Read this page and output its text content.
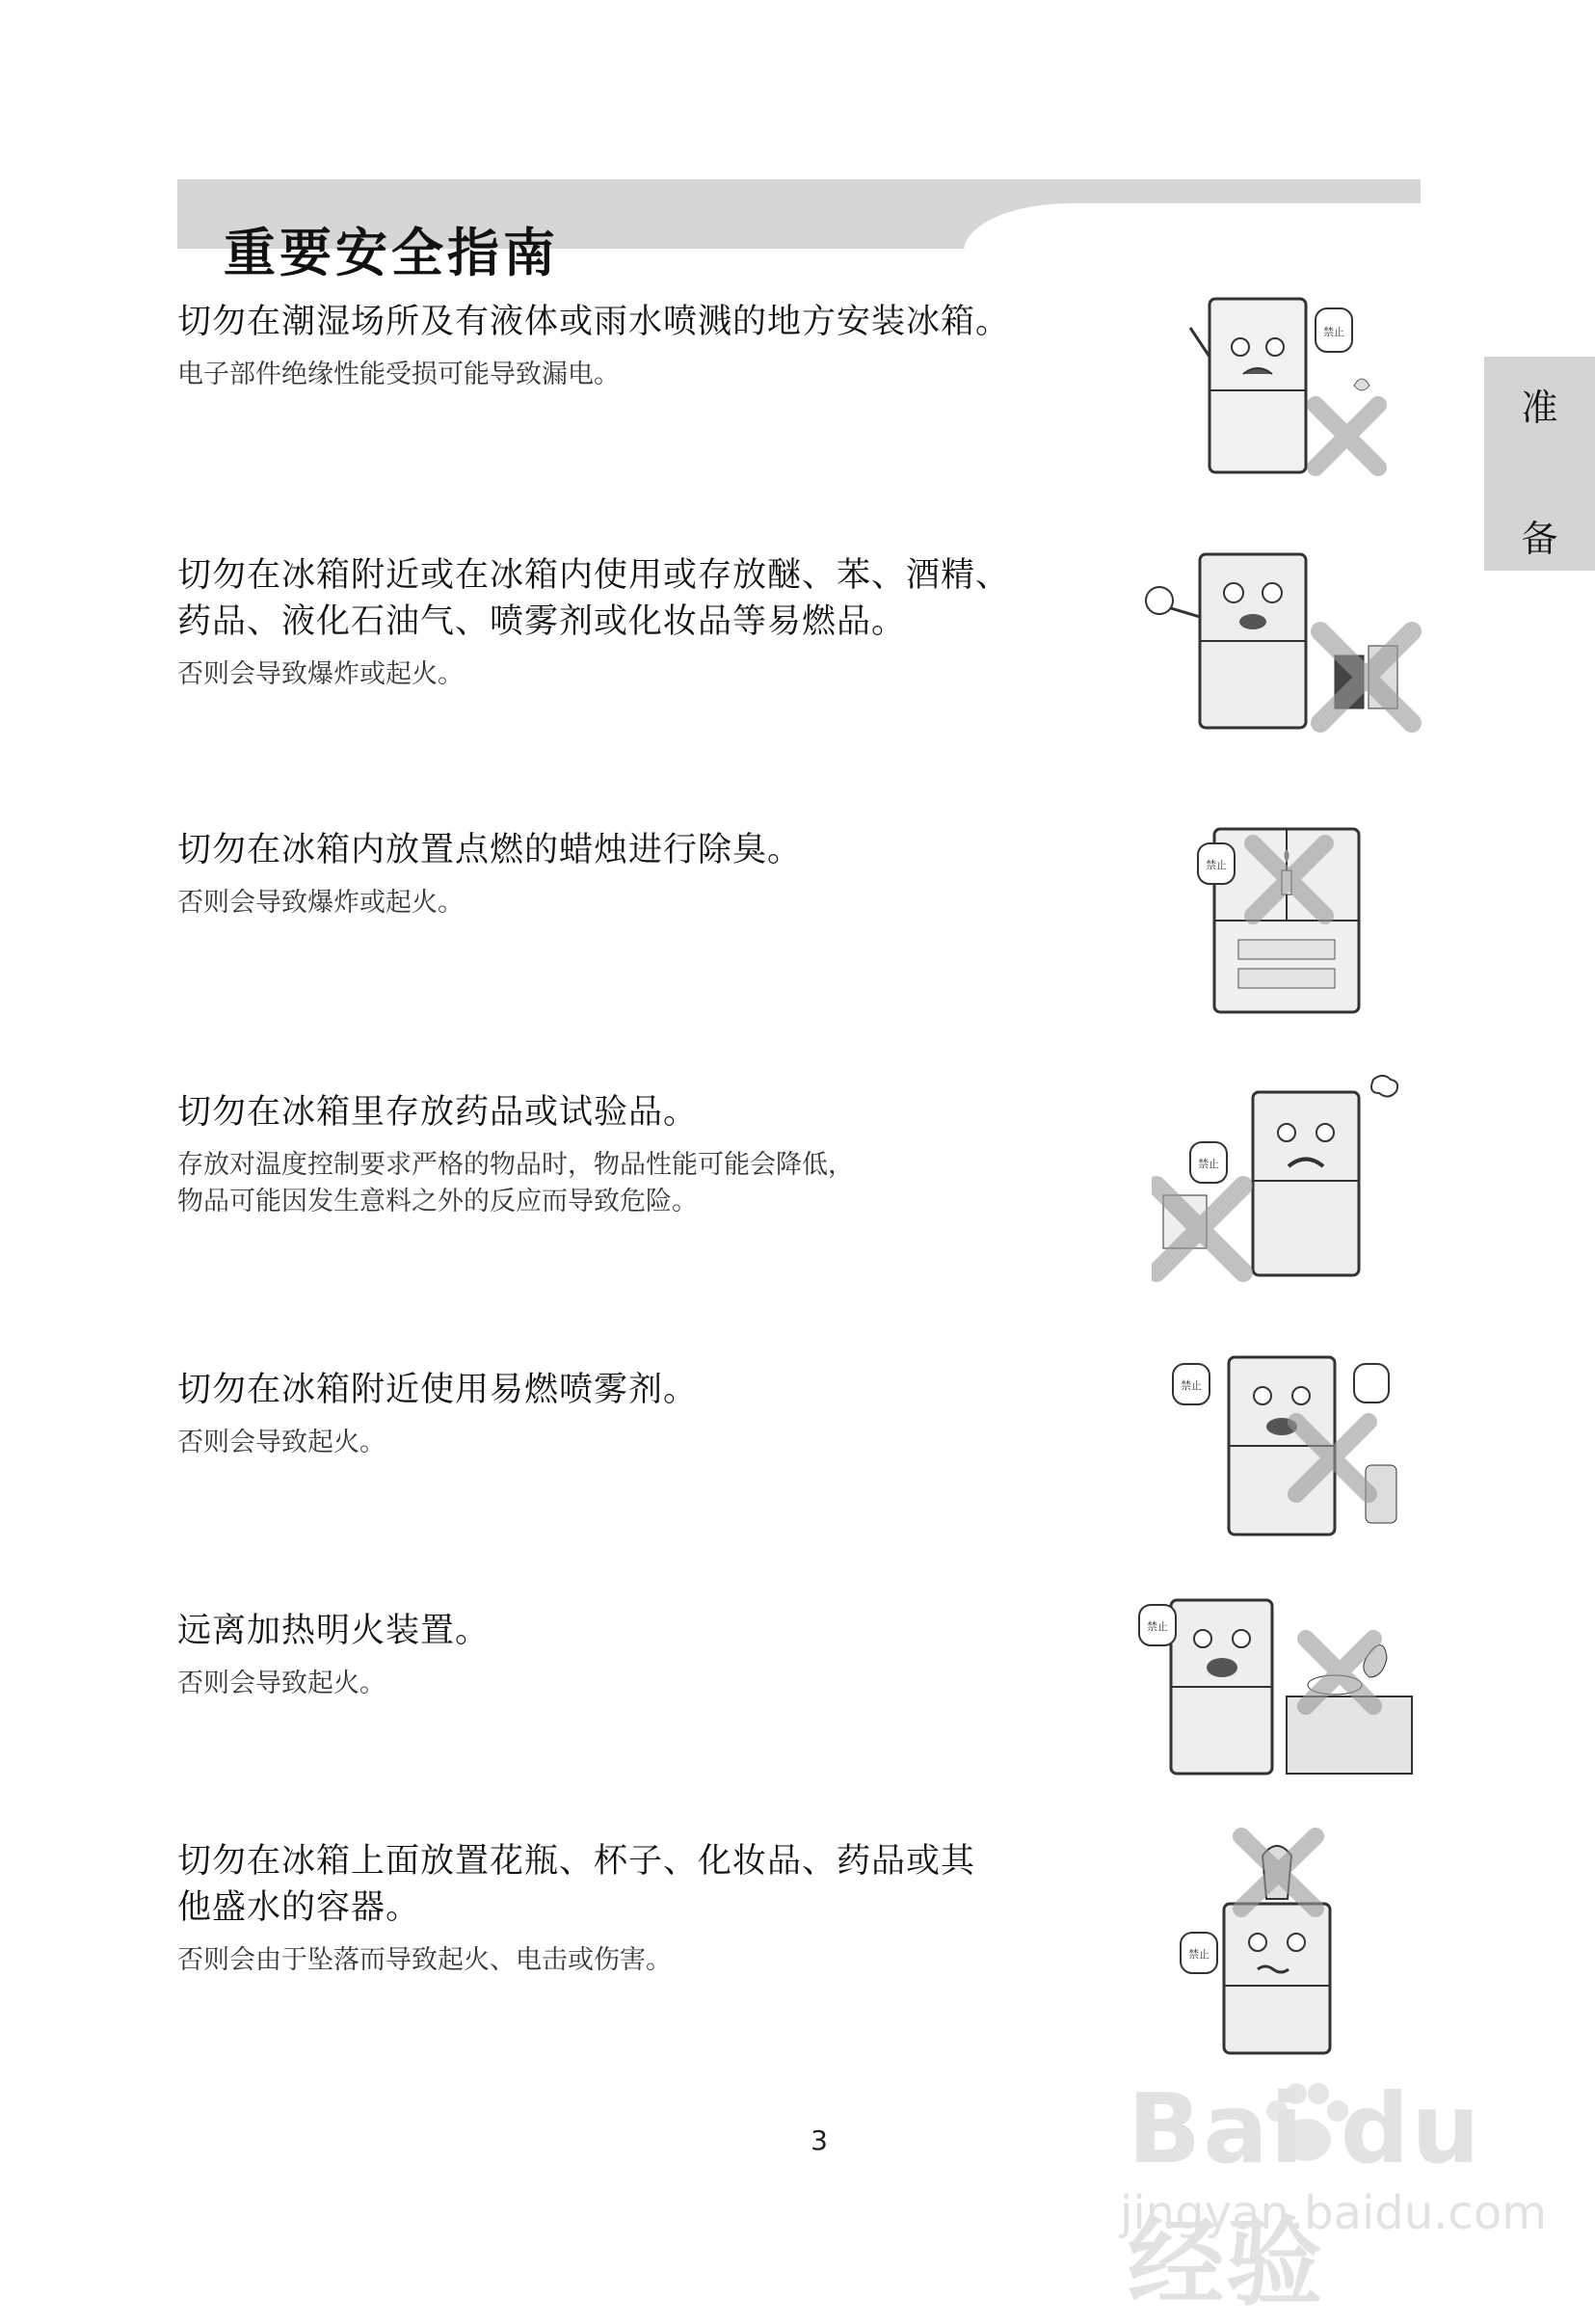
重要安全指南
准
备

切勿在潮湿场所及有液体或雨水喷溅的地方安装冰箱。

电子部件绝缘性能受损可能导致漏电。

切勿在冰箱附近或在冰箱内使用或存放醚、苯、酒精、
药品、液化石油气、喷雾剂或化妆品等易燃品。

否则会导致爆炸或起火。

切勿在冰箱内放置点燃的蜡烛进行除臭。

否则会导致爆炸或起火。

切勿在冰箱里存放药品或试验品。

存放对温度控制要求严格的物品时，物品性能可能会降低，
物品可能因发生意料之外的反应而导致危险。

切勿在冰箱附近使用易燃喷雾剂。

否则会导致起火。

远离加热明火装置。

否则会导致起火。

切勿在冰箱上面放置花瓶、杯子、化妆品、药品或其
他盛水的容器。

否则会由于坠落而导致起火、电击或伤害。
禁止
禁止
禁止
禁止
禁止
禁止
3	Bai du 经验
jingyan.baidu.com
